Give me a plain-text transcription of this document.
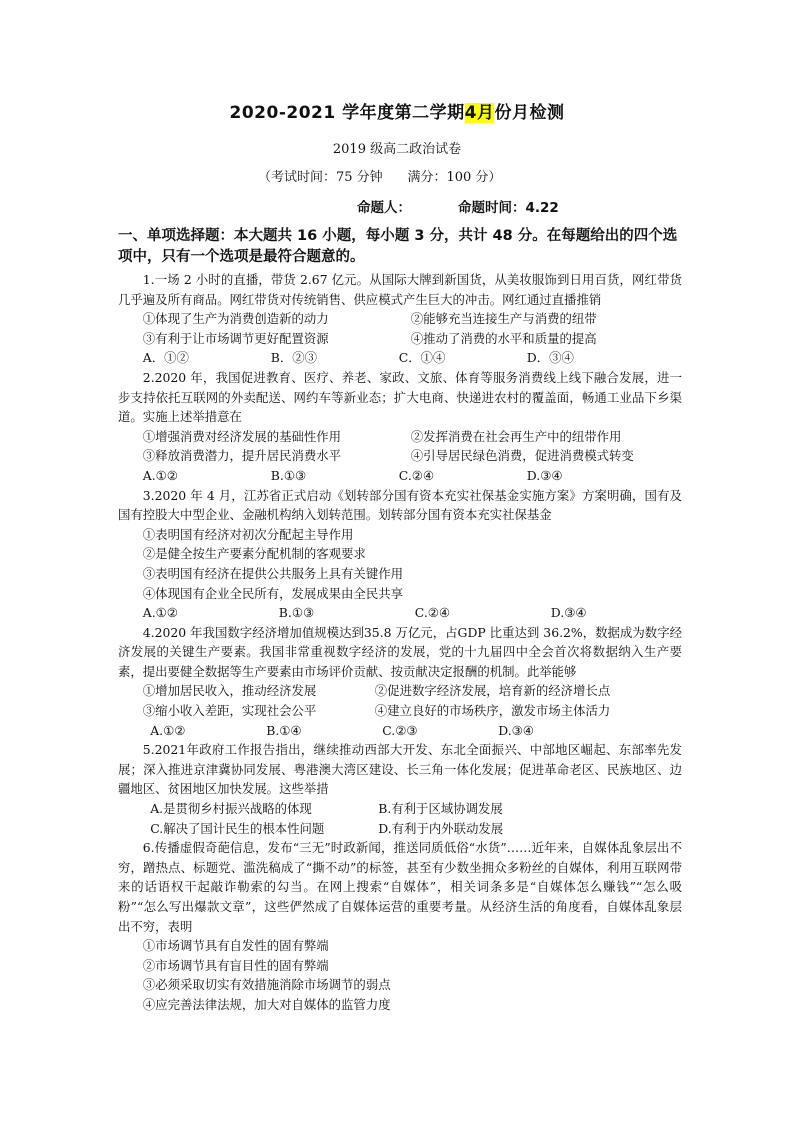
2020-2021 学年度第二学期4月份月检测
2019 级高二政治试卷
（考试时间：75 分钟      满分：100 分）
命题人：          命题时间：4.22
一、单项选择题：本大题共 16 小题，每小题 3 分，共计 48 分。在每题给出的四个选项中，只有一个选项是最符合题意的。

1.一场 2 小时的直播，带货 2.67 亿元。从国际大牌到新国货，从美妆服饰到日用百货，网红带货几乎遍及所有商品。网红带货对传统销售、供应模式产生巨大的冲击。网红通过直播推销

①体现了生产为消费创造新的动力	②能够充当连接生产与消费的纽带
③有利于让市场调节更好配置资源	④推动了消费的水平和质量的提高
A．①②	B．②③	C．①④	D．③④

2.2020 年，我国促进教育、医疗、养老、家政、文旅、体育等服务消费线上线下融合发展，进一步支持依托互联网的外卖配送、网约车等新业态；扩大电商、快递进农村的覆盖面，畅通工业品下乡渠道。实施上述举措意在

①增强消费对经济发展的基础性作用	②发挥消费在社会再生产中的纽带作用
③释放消费潜力，提升居民消费水平	④引导居民绿色消费，促进消费模式转变
A.①②	B.①③	C.②④	D.③④

3.2020 年 4 月，江苏省正式启动《划转部分国有资本充实社保基金实施方案》方案明确，国有及国有控股大中型企业、金融机构纳入划转范围。划转部分国有资本充实社保基金

①表明国有经济对初次分配起主导作用

②是健全按生产要素分配机制的客观要求

③表明国有经济在提供公共服务上具有关键作用

④体现国有企业全民所有，发展成果由全民共享

A.①②	B.①③	C.②④	D.③④

4.2020 年我国数字经济增加值规模达到35.8 万亿元，占GDP 比重达到 36.2%，数据成为数字经济发展的关键生产要素。我国非常重视数字经济的发展，党的十九届四中全会首次将数据纳入生产要素，提出要健全数据等生产要素由市场评价贡献、按贡献决定报酬的机制。此举能够

①增加居民收入，推动经济发展	②促进数字经济发展，培育新的经济增长点
③缩小收入差距，实现社会公平	④建立良好的市场秩序，激发市场主体活力
A.①②	B.①④	C.②③	D.③④

5.2021年政府工作报告指出，继续推动西部大开发、东北全面振兴、中部地区崛起、东部率先发展；深入推进京津冀协同发展、粤港澳大湾区建设、长三角一体化发展；促进革命老区、民族地区、边疆地区、贫困地区加快发展。这些举措

A.是贯彻乡村振兴战略的体现	B.有利于区域协调发展
C.解决了国计民生的根本性问题	D.有利于内外联动发展

6.传播虚假奇葩信息，发布“三无”时政新闻，推送同质低俗“水货”……近年来，自媒体乱象层出不穷，蹭热点、标题党、滥洗稿成了“撕不动”的标签，甚至有少数坐拥众多粉丝的自媒体，利用互联网带来的话语权干起敲诈勒索的勾当。在网上搜索“自媒体”，相关词条多是“自媒体怎么赚钱”“怎么吸粉”“怎么写出爆款文章”，这些俨然成了自媒体运营的重要考量。从经济生活的角度看，自媒体乱象层出不穷，表明

①市场调节具有自发性的固有弊端

②市场调节具有盲目性的固有弊端

③必须采取切实有效措施消除市场调节的弱点

④应完善法律法规，加大对自媒体的监管力度
